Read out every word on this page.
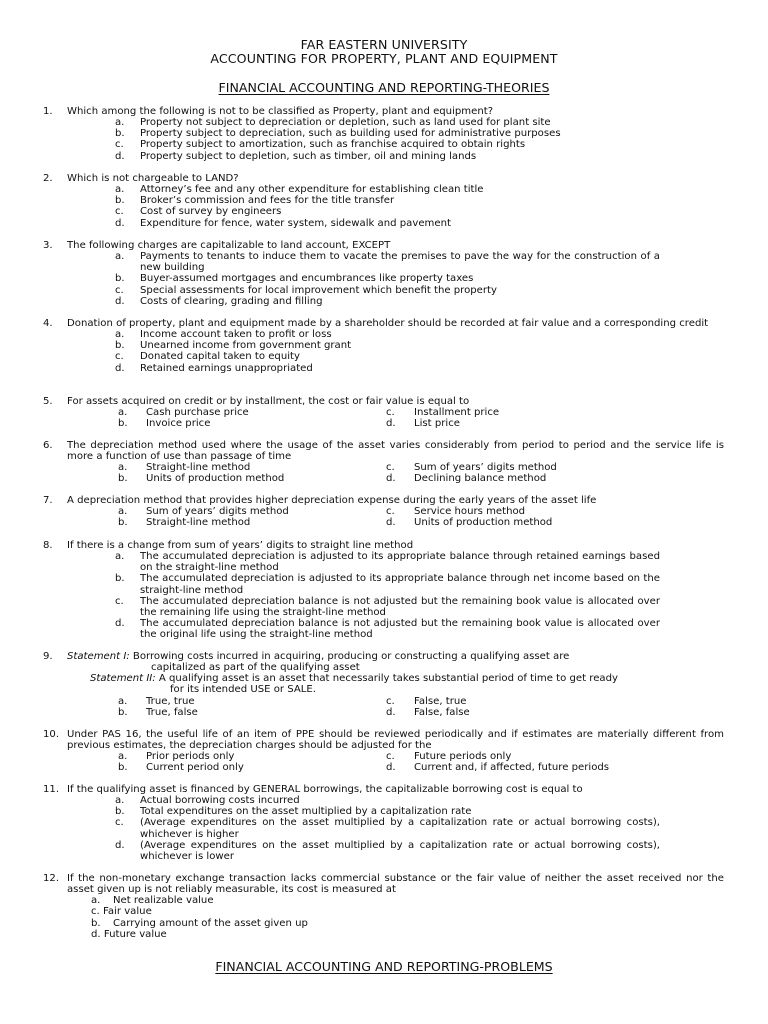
FAR EASTERN UNIVERSITY
ACCOUNTING FOR PROPERTY, PLANT AND EQUIPMENT
FINANCIAL ACCOUNTING AND REPORTING-THEORIES
1. Which among the following is not to be classified as Property, plant and equipment?
a.	Property not subject to depreciation or depletion, such as land used for plant site
b.	Property subject to depreciation, such as building used for administrative purposes
c.	Property subject to amortization, such as franchise acquired to obtain rights
d.	Property subject to depletion, such as timber, oil and mining lands
2. Which is not chargeable to LAND?
a.	Attorney’s fee and any other expenditure for establishing clean title
b.	Broker’s commission and fees for the title transfer
c.	Cost of survey by engineers
d.	Expenditure for fence, water system, sidewalk and pavement
3. The following charges are capitalizable to land account, EXCEPT
a.	Payments to tenants to induce them to vacate the premises to pave the way for the construction of a new building
b.	Buyer-assumed mortgages and encumbrances like property taxes
c.	Special assessments for local improvement which benefit the property
d.	Costs of clearing, grading and filling
4. Donation of property, plant and equipment made by a shareholder should be recorded at fair value and a corresponding credit
a.	Income account taken to profit or loss
b.	Unearned income from government grant
c.	Donated capital taken to equity
d.	Retained earnings unappropriated
5. For assets acquired on credit or by installment, the cost or fair value is equal to
a.	Cash purchase price	c.	Installment price
b.	Invoice price	d.	List price
6. The depreciation method used where the usage of the asset varies considerably from period to period and the service life is more a function of use than passage of time
a.	Straight-line method	c.	Sum of years’ digits method
b.	Units of production method	d.	Declining balance method
7. A depreciation method that provides higher depreciation expense during the early years of the asset life
a.	Sum of years’ digits method	c.	Service hours method
b.	Straight-line method	d.	Units of production method
8. If there is a change from sum of years’ digits to straight line method
a.	The accumulated depreciation is adjusted to its appropriate balance through retained earnings based on the straight-line method
b.	The accumulated depreciation is adjusted to its appropriate balance through net income based on the straight-line method
c.	The accumulated depreciation balance is not adjusted but the remaining book value is allocated over the remaining life using the straight-line method
d.	The accumulated depreciation balance is not adjusted but the remaining book value is allocated over the original life using the straight-line method
9. Statement I: Borrowing costs incurred in acquiring, producing or constructing a qualifying asset are
capitalized as part of the qualifying asset
Statement II: A qualifying asset is an asset that necessarily takes substantial period of time to get ready
for its intended USE or SALE.
a.	True, true	c.	False, true
b.	True, false	d.	False, false
10. Under PAS 16, the useful life of an item of PPE should be reviewed periodically and if estimates are materially different from previous estimates, the depreciation charges should be adjusted for the
a.	Prior periods only	c.	Future periods only
b.	Current period only	d.	Current and, if affected, future periods
11. If the qualifying asset is financed by GENERAL borrowings, the capitalizable borrowing cost is equal to
a.	Actual borrowing costs incurred
b.	Total expenditures on the asset multiplied by a capitalization rate
c.	(Average expenditures on the asset multiplied by a capitalization rate or actual borrowing costs), whichever is higher
d.	(Average expenditures on the asset multiplied by a capitalization rate or actual borrowing costs), whichever is lower
12. If the non-monetary exchange transaction lacks commercial substance or the fair value of neither the asset received nor the asset given up is not reliably measurable, its cost is measured at
a.	Net realizable value
c.
Fair value
b.	Carrying amount of the asset given up
d.
Future value
FINANCIAL ACCOUNTING AND REPORTING-PROBLEMS
